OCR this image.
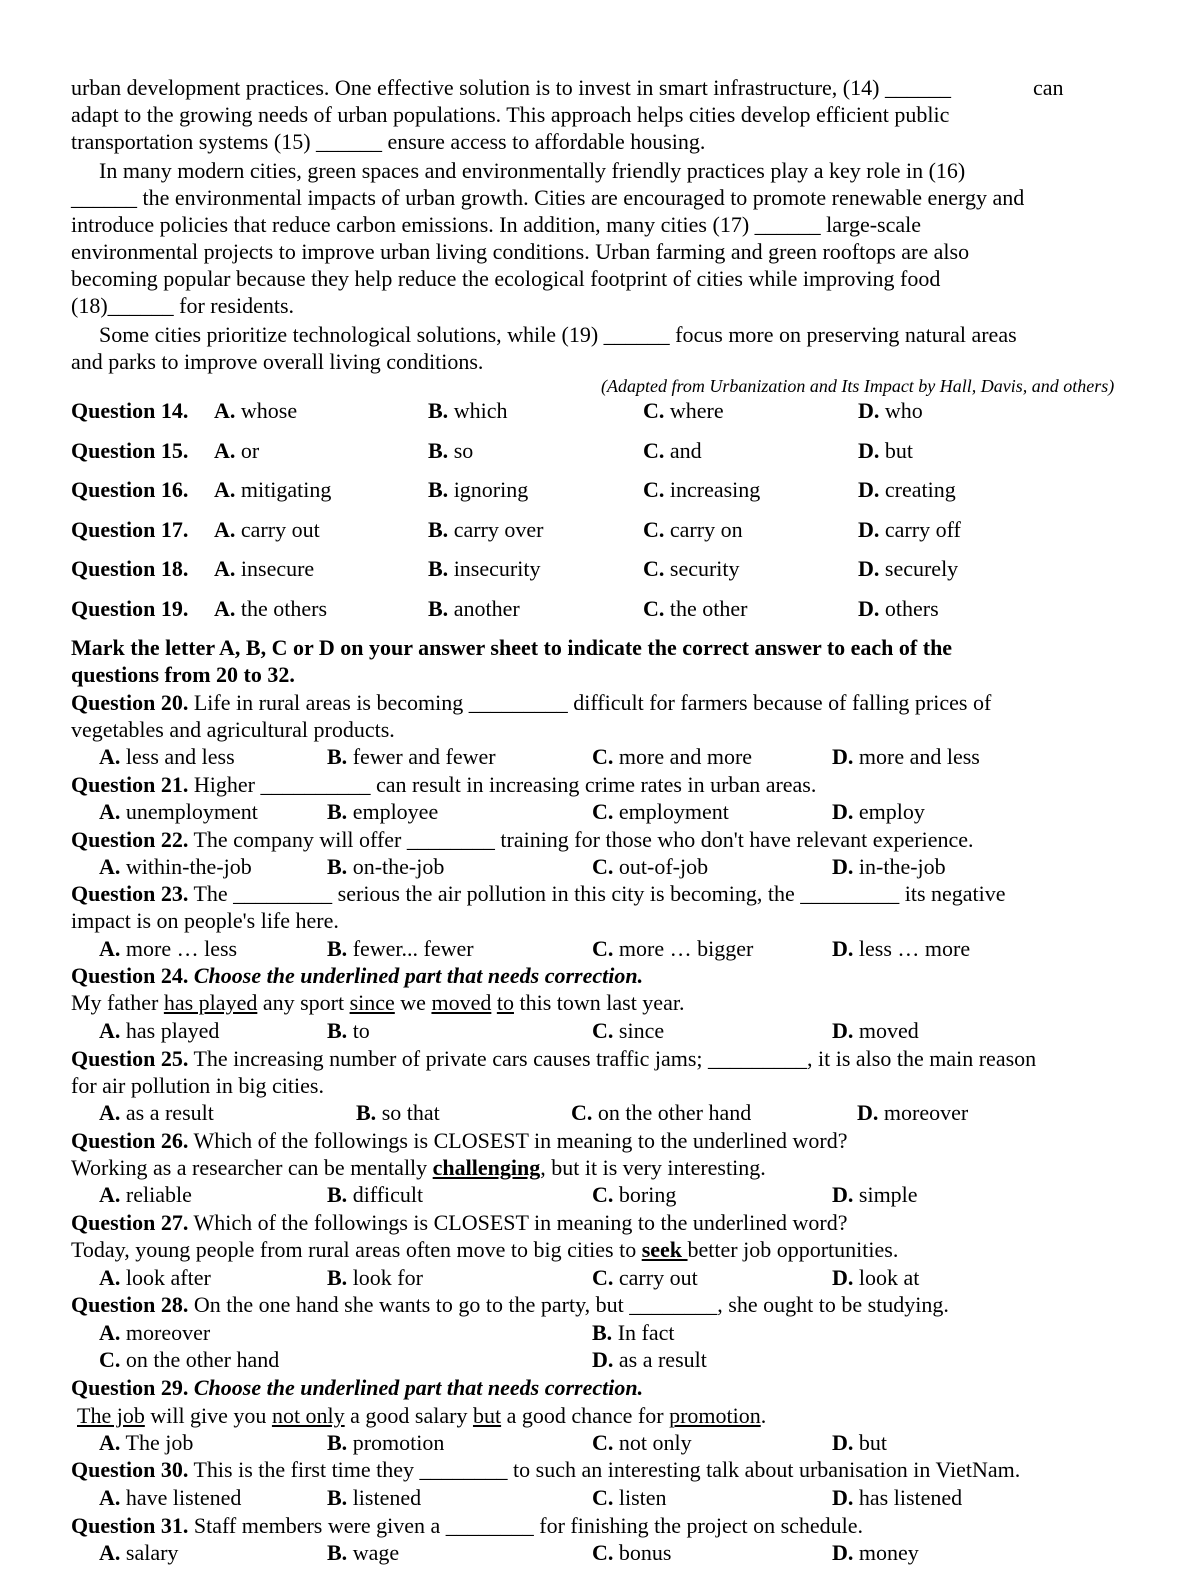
urban development practices. One effective solution is to invest in smart infrastructure, (14) ______	can
adapt to the growing needs of urban populations. This approach helps cities develop efficient public
transportation systems (15) ______ ensure access to affordable housing.
In many modern cities, green spaces and environmentally friendly practices play a key role in (16)
______ the environmental impacts of urban growth. Cities are encouraged to promote renewable energy and
introduce policies that reduce carbon emissions. In addition, many cities (17) ______ large-scale
environmental projects to improve urban living conditions. Urban farming and green rooftops are also
becoming popular because they help reduce the ecological footprint of cities while improving food
(18)______ for residents.
Some cities prioritize technological solutions, while (19) ______ focus more on preserving natural areas
and parks to improve overall living conditions.
(Adapted from Urbanization and Its Impact by Hall, Davis, and others)
Question 14. A. whose	B. which	C. where	D. who
Question 15. A. or	B. so	C. and	D. but
Question 16. A. mitigating	B. ignoring	C. increasing	D. creating
Question 17. A. carry out	B. carry over	C. carry on	D. carry off
Question 18. A. insecure	B. insecurity	C. security	D. securely
Question 19. A. the others	B. another	C. the other	D. others
Mark the letter A, B, C or D on your answer sheet to indicate the correct answer to each of the
questions from 20 to 32.
Question 20. Life in rural areas is becoming _________ difficult for farmers because of falling prices of
vegetables and agricultural products.
A. less and less	B. fewer and fewer	C. more and more	D. more and less
Question 21. Higher __________ can result in increasing crime rates in urban areas.
A. unemployment	B. employee	C. employment	D. employ
Question 22. The company will offer ________ training for those who don't have relevant experience.
A. within-the-job	B. on-the-job	C. out-of-job	D. in-the-job
Question 23. The _________ serious the air pollution in this city is becoming, the _________ its negative
impact is on people's life here.
A. more … less	B. fewer... fewer	C. more … bigger	D. less … more
Question 24. Choose the underlined part that needs correction.
My father has played any sport since we moved to this town last year.
A. has played	B. to	C. since	D. moved
Question 25. The increasing number of private cars causes traffic jams; _________, it is also the main reason
for air pollution in big cities.
A. as a result	B. so that	C. on the other hand	D. moreover
Question 26. Which of the followings is CLOSEST in meaning to the underlined word?
Working as a researcher can be mentally challenging, but it is very interesting.
A. reliable	B. difficult	C. boring	D. simple
Question 27. Which of the followings is CLOSEST in meaning to the underlined word?
Today, young people from rural areas often move to big cities to seek better job opportunities.
A. look after	B. look for	C. carry out	D. look at
Question 28. On the one hand she wants to go to the party, but ________, she ought to be studying.
A. moreover	B. In fact
C. on the other hand	D. as a result
Question 29. Choose the underlined part that needs correction.
The job will give you not only a good salary but a good chance for promotion.
A. The job	B. promotion	C. not only	D. but
Question 30. This is the first time they ________ to such an interesting talk about urbanisation in VietNam.
A. have listened	B. listened	C. listen	D. has listened
Question 31. Staff members were given a ________ for finishing the project on schedule.
A. salary	B. wage	C. bonus	D. money
